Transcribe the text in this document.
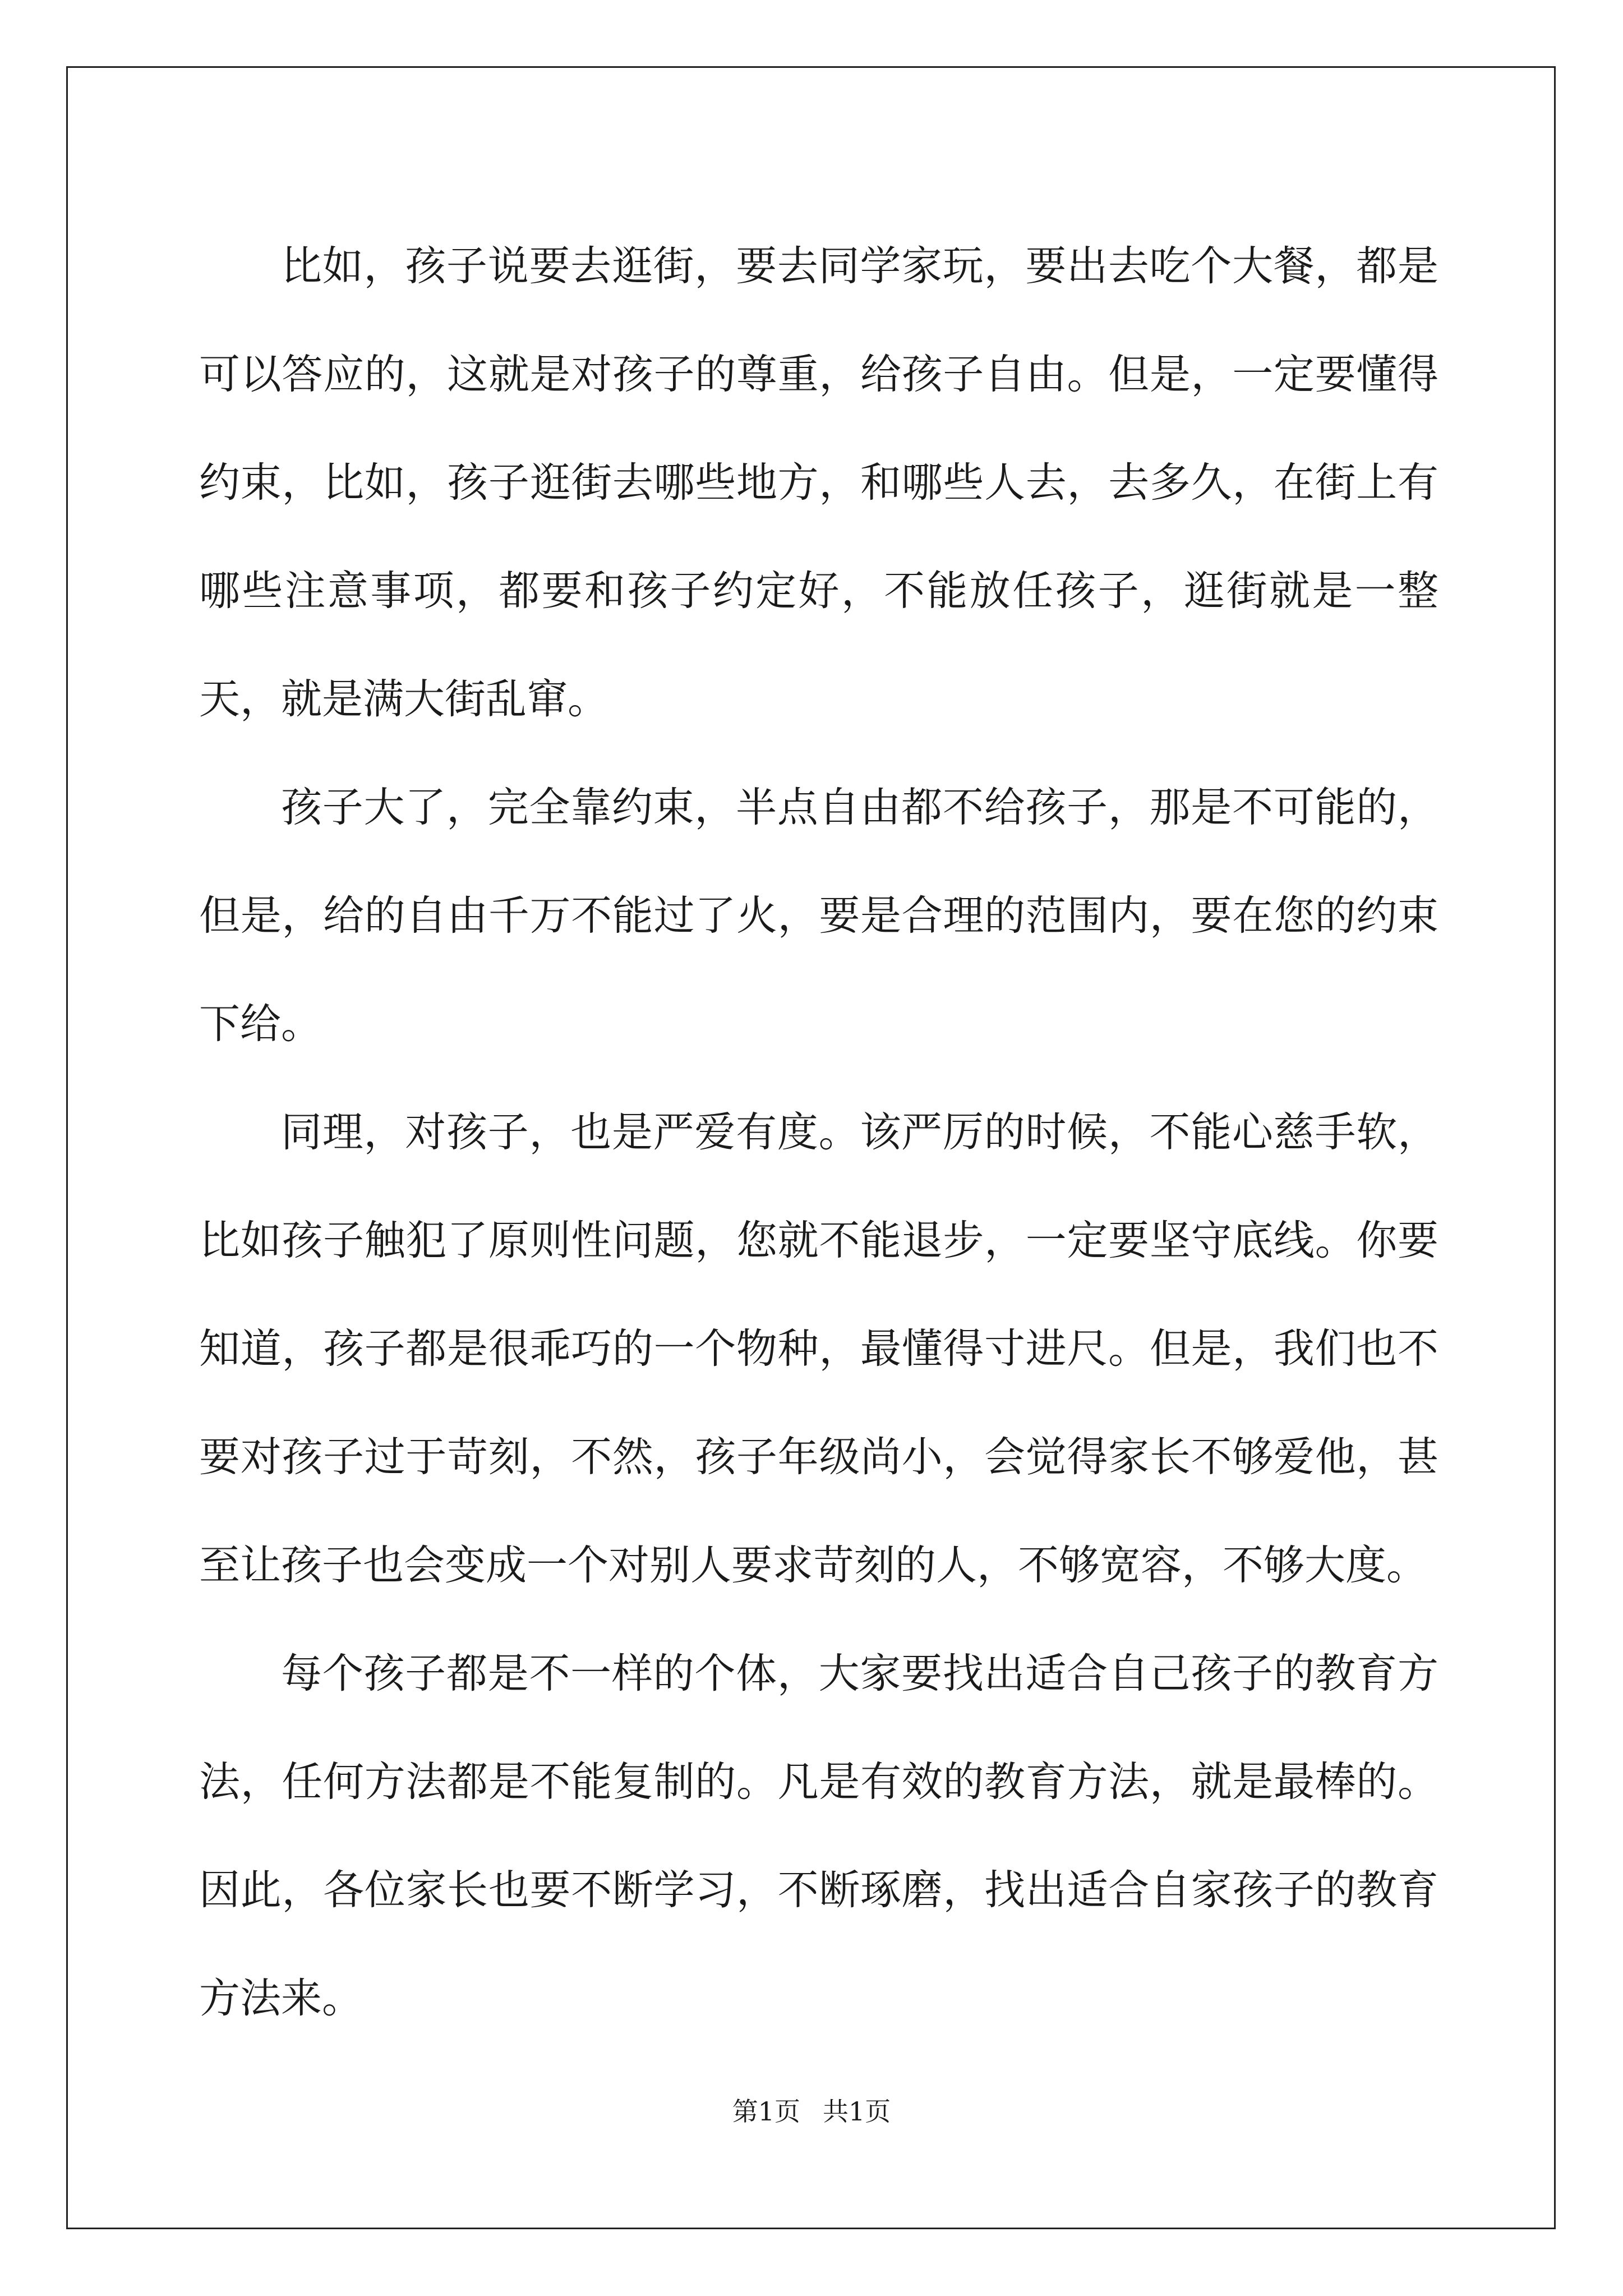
比如，孩子说要去逛街，要去同学家玩，要出去吃个大餐，都是可以答应的，这就是对孩子的尊重，给孩子自由。但是，一定要懂得约束，比如，孩子逛街去哪些地方，和哪些人去，去多久，在街上有哪些注意事项，都要和孩子约定好，不能放任孩子，逛街就是一整天，就是满大街乱窜。

孩子大了，完全靠约束，半点自由都不给孩子，那是不可能的，但是，给的自由千万不能过了火，要是合理的范围内，要在您的约束下给。

同理，对孩子，也是严爱有度。该严厉的时候，不能心慈手软，比如孩子触犯了原则性问题，您就不能退步，一定要坚守底线。你要知道，孩子都是很乖巧的一个物种，最懂得寸进尺。但是，我们也不要对孩子过于苛刻，不然，孩子年级尚小，会觉得家长不够爱他，甚至让孩子也会变成一个对别人要求苛刻的人，不够宽容，不够大度。

每个孩子都是不一样的个体，大家要找出适合自己孩子的教育方法，任何方法都是不能复制的。凡是有效的教育方法，就是最棒的。因此，各位家长也要不断学习，不断琢磨，找出适合自家孩子的教育方法来。

第1页 共1页
